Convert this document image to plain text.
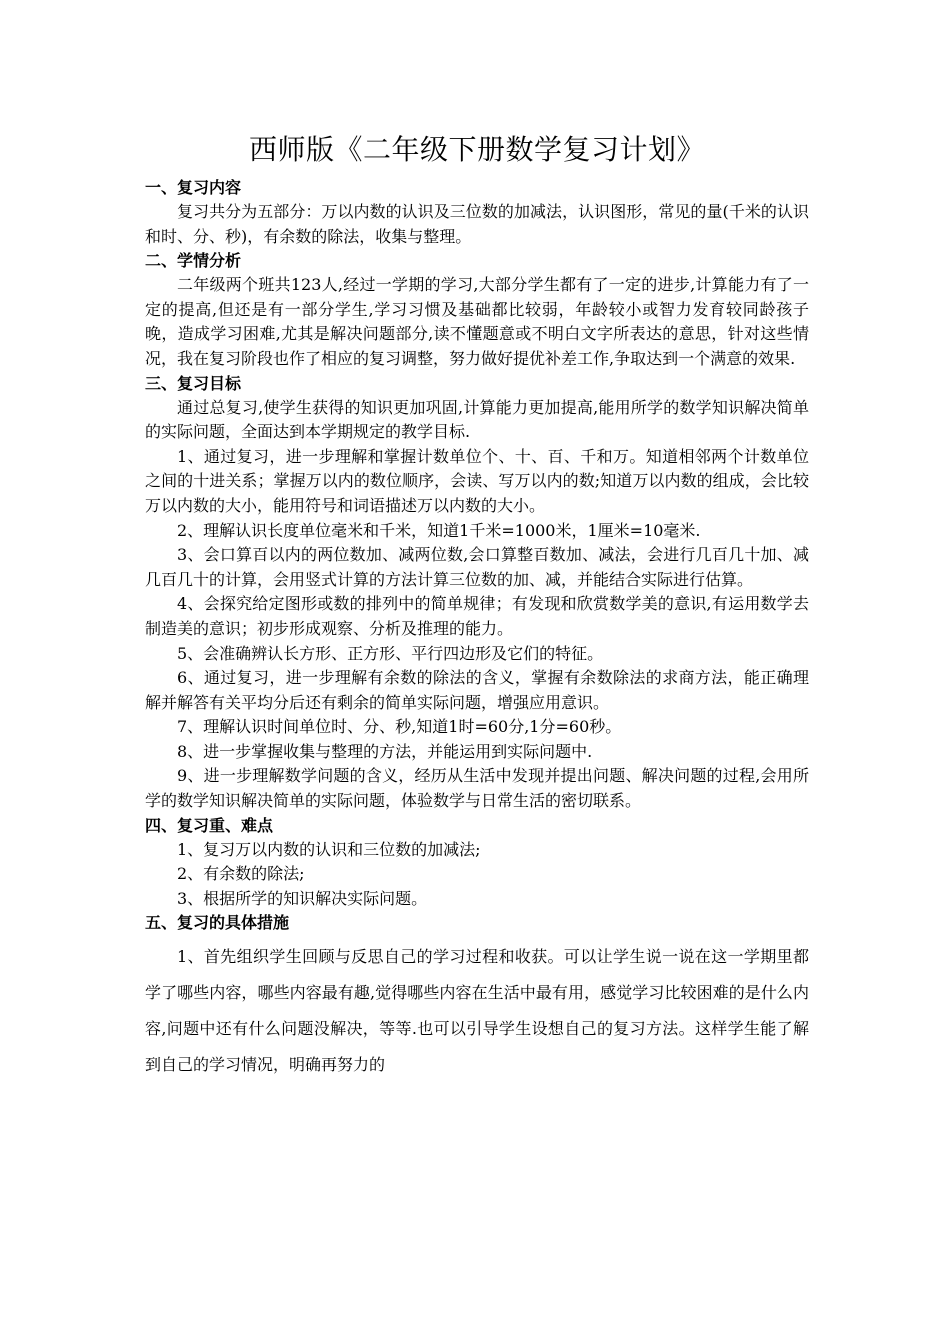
西师版《二年级下册数学复习计划》
一、复习内容

复习共分为五部分：万以内数的认识及三位数的加减法，认识图形，常见的量(千米的认识和时、分、秒)，有余数的除法，收集与整理。

二、学情分析

二年级两个班共123人,经过一学期的学习,大部分学生都有了一定的进步,计算能力有了一定的提高,但还是有一部分学生,学习习惯及基础都比较弱，年龄较小或智力发育较同龄孩子晚，造成学习困难,尤其是解决问题部分,读不懂题意或不明白文字所表达的意思，针对这些情况，我在复习阶段也作了相应的复习调整，努力做好提优补差工作,争取达到一个满意的效果.

三、复习目标

通过总复习,使学生获得的知识更加巩固,计算能力更加提高,能用所学的数学知识解决简单的实际问题，全面达到本学期规定的教学目标.

1、通过复习，进一步理解和掌握计数单位个、十、百、千和万。知道相邻两个计数单位之间的十进关系；掌握万以内的数位顺序，会读、写万以内的数;知道万以内数的组成，会比较万以内数的大小，能用符号和词语描述万以内数的大小。

2、理解认识长度单位毫米和千米，知道1千米=1000米，1厘米=10毫米.

3、会口算百以内的两位数加、减两位数,会口算整百数加、减法，会进行几百几十加、减几百几十的计算，会用竖式计算的方法计算三位数的加、减，并能结合实际进行估算。

4、会探究给定图形或数的排列中的简单规律；有发现和欣赏数学美的意识,有运用数学去制造美的意识；初步形成观察、分析及推理的能力。

5、会准确辨认长方形、正方形、平行四边形及它们的特征。

6、通过复习，进一步理解有余数的除法的含义，掌握有余数除法的求商方法，能正确理解并解答有关平均分后还有剩余的简单实际问题，增强应用意识。

7、理解认识时间单位时、分、秒,知道1时=60分,1分=60秒。

8、进一步掌握收集与整理的方法，并能运用到实际问题中.

9、进一步理解数学问题的含义，经历从生活中发现并提出问题、解决问题的过程,会用所学的数学知识解决简单的实际问题，体验数学与日常生活的密切联系。

四、复习重、难点

1、复习万以内数的认识和三位数的加减法;

2、有余数的除法;

3、根据所学的知识解决实际问题。

五、复习的具体措施

1、首先组织学生回顾与反思自己的学习过程和收获。可以让学生说一说在这一学期里都学了哪些内容，哪些内容最有趣,觉得哪些内容在生活中最有用，感觉学习比较困难的是什么内容,问题中还有什么问题没解决，等等.也可以引导学生设想自己的复习方法。这样学生能了解到自己的学习情况，明确再努力的
